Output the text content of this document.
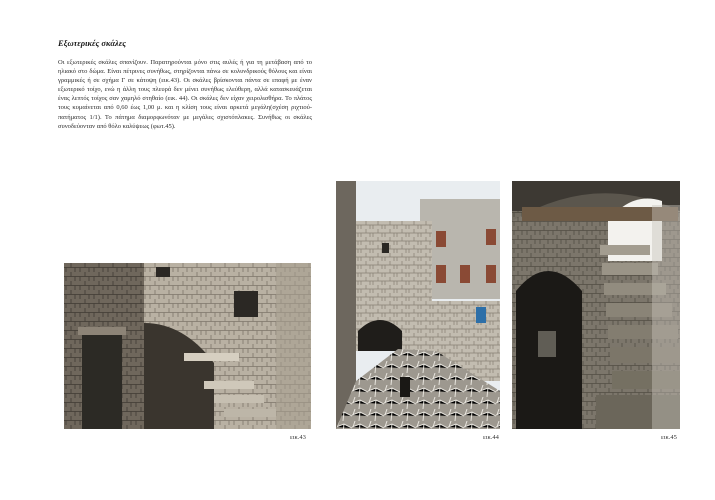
Εξωτερικές σκάλες

Οι εξωτερικές σκάλες σπανίζουν. Παρατηρούνται μόνο στις αυλές ή για τη μετάβαση από το ηλιακό στο δώμα. Είναι πέτρινες συνήθως, στηρίζονται πάνω σε κολυνδρικούς θόλους και είναι γραμμικές ή σε σχήμα Γ σε κάτοψη (εικ.43). Οι σκάλες βρίσκονται πάντα σε επαφή με έναν εξωτερικό τοίχο, ενώ η άλλη τους πλευρά δεν μένει συνήθως ελεύθερη, αλλά κατασκευάζεται ένας λεπτός τοίχος σαν χαμηλό στηθαίο (εικ. 44). Οι σκάλες δεν είχαν χειρολισθήρα. Το πλάτος τους κυμαίνεται από 0,60 έως 1,00 μ. και η κλίση τους είναι αρκετά μεγάλη(σχέση ριχτιού-πατήματος 1/1). Το πάτημα διαμορφωνόταν με μεγάλες σχιστόπλακες. Συνήθως οι σκάλες συνοδεύονταν από θόλο καλύψεως (φωτ.45).

εικ.43	εικ.44	εικ.45
